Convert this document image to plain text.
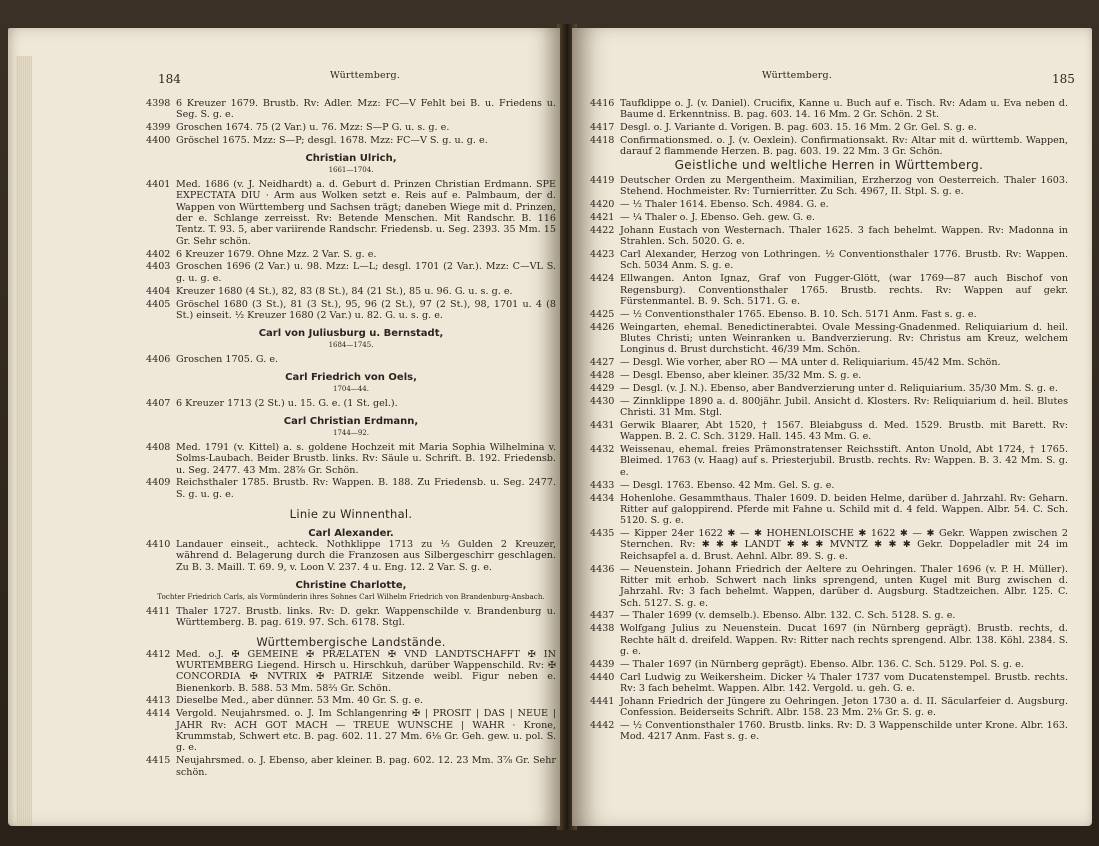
184	Württemberg.
4398 6 Kreuzer 1679. Brustb. Rv: Adler. Mzz: FC—V Fehlt bei B. u. Friedens u. Seg. S. g. e.
4399 Groschen 1674. 75 (2 Var.) u. 76. Mzz: S—P G. u. s. g. e.
4400 Gröschel 1675. Mzz: S—P; desgl. 1678. Mzz: FC—V S. g. u. g. e.
Christian Ulrich,
1661—1704.
4401 Med. 1686 (v. J. Neidhardt) a. d. Geburt d. Prinzen Christian Erdmann. SPE EXPECTATA DIU · Arm aus Wolken setzt e. Reis auf e. Palmbaum, der d. Wappen von Württemberg und Sachsen trägt; daneben Wiege mit d. Prinzen, der e. Schlange zerreisst. Rv: Betende Menschen. Mit Randschr. B. 116 Tentz. T. 93. 5, aber variirende Randschr. Friedensb. u. Seg. 2393. 35 Mm. 15 Gr. Sehr schön.
4402 6 Kreuzer 1679. Ohne Mzz. 2 Var. S. g. e.
4403 Groschen 1696 (2 Var.) u. 98. Mzz: L—L; desgl. 1701 (2 Var.). Mzz: C—VL S. g. u. g. e.
4404 Kreuzer 1680 (4 St.), 82, 83 (8 St.), 84 (21 St.), 85 u. 96. G. u. s. g. e.
4405 Gröschel 1680 (3 St.), 81 (3 St.), 95, 96 (2 St.), 97 (2 St.), 98, 1701 u. 4 (8 St.) einseit. ½ Kreuzer 1680 (2 Var.) u. 82. G. u. s. g. e.
Carl von Juliusburg u. Bernstadt,
1684—1745.
4406 Groschen 1705. G. e.
Carl Friedrich von Oels,
1704—44.
4407 6 Kreuzer 1713 (2 St.) u. 15. G. e. (1 St. gel.).
Carl Christian Erdmann,
1744—92.
4408 Med. 1791 (v. Kittel) a. s. goldene Hochzeit mit Maria Sophia Wilhelmina v. Solms-Laubach. Beider Brustb. links. Rv: Säule u. Schrift. B. 192. Friedensb. u. Seg. 2477. 43 Mm. 28⅞ Gr. Schön.
4409 Reichsthaler 1785. Brustb. Rv: Wappen. B. 188. Zu Friedensb. u. Seg. 2477. S. g. u. g. e.
Linie zu Winnenthal.
Carl Alexander.
4410 Landauer einseit., achteck. Nothklippe 1713 zu ⅓ Gulden 2 Kreuzer, während d. Belagerung durch die Franzosen aus Silbergeschirr geschlagen. Zu B. 3. Maill. T. 69. 9, v. Loon V. 237. 4 u. Eng. 12. 2 Var. S. g. e.
Christine Charlotte,
Tochter Friedrich Carls, als Vormünderin ihres Sohnes Carl Wilhelm Friedrich von Brandenburg-Ansbach.
4411 Thaler 1727. Brustb. links. Rv: D. gekr. Wappenschilde v. Brandenburg u. Württemberg. B. pag. 619. 97. Sch. 6178. Stgl.
Württembergische Landstände.
4412 Med. o.J. ✠ GEMEINE ✠ PRÆLATEN ✠ VND LANDTSCHAFFT ✠ IN WURTEMBERG Liegend. Hirsch u. Hirschkuh, darüber Wappenschild. Rv: ✠ CONCORDIA ✠ NVTRIX ✠ PATRIÆ Sitzende weibl. Figur neben e. Bienenkorb. B. 588. 53 Mm. 58⅔ Gr. Schön.
4413 Dieselbe Med., aber dünner. 53 Mm. 40 Gr. S. g. e.
4414 Vergold. Neujahrsmed. o. J. Im Schlangenring ✠ | PROSIT | DAS | NEUE | JAHR Rv: ACH GOT MACH — TREUE WUNSCHE | WAHR · Krone, Krummstab, Schwert etc. B. pag. 602. 11. 27 Mm. 6⅛ Gr. Geh. gew. u. pol. S. g. e.
4415 Neujahrsmed. o. J. Ebenso, aber kleiner. B. pag. 602. 12. 23 Mm. 3⅞ Gr. Sehr schön.
Württemberg.	185
4416 Taufklippe o. J. (v. Daniel). Crucifix, Kanne u. Buch auf e. Tisch. Rv: Adam u. Eva neben d. Baume d. Erkenntniss. B. pag. 603. 14. 16 Mm. 2 Gr. Schön. 2 St.
4417 Desgl. o. J. Variante d. Vorigen. B. pag. 603. 15. 16 Mm. 2 Gr. Gel. S. g. e.
4418 Confirmationsmed. o. J. (v. Oexlein). Confirmationsakt. Rv: Altar mit d. württemb. Wappen, darauf 2 flammende Herzen. B. pag. 603. 19. 22 Mm. 3 Gr. Schön.
Geistliche und weltliche Herren in Württemberg.
4419 Deutscher Orden zu Mergentheim. Maximilian, Erzherzog von Oesterreich. Thaler 1603. Stehend. Hochmeister. Rv: Turnierritter. Zu Sch. 4967, II. Stpl. S. g. e.
4420 — ½ Thaler 1614. Ebenso. Sch. 4984. G. e.
4421 — ¼ Thaler o. J. Ebenso. Geh. gew. G. e.
4422 Johann Eustach von Westernach. Thaler 1625. 3 fach behelmt. Wappen. Rv: Madonna in Strahlen. Sch. 5020. G. e.
4423 Carl Alexander, Herzog von Lothringen. ½ Conventionsthaler 1776. Brustb. Rv: Wappen. Sch. 5034 Anm. S. g. e.
4424 Ellwangen. Anton Ignaz, Graf von Fugger-Glött, (war 1769—87 auch Bischof von Regensburg). Conventionsthaler 1765. Brustb. rechts. Rv: Wappen auf gekr. Fürstenmantel. B. 9. Sch. 5171. G. e.
4425 — ½ Conventionsthaler 1765. Ebenso. B. 10. Sch. 5171 Anm. Fast s. g. e.
4426 Weingarten, ehemal. Benedictinerabtei. Ovale Messing-Gnadenmed. Reliquiarium d. heil. Blutes Christi; unten Weinranken u. Bandverzierung. Rv: Christus am Kreuz, welchem Longinus d. Brust durchsticht. 46/39 Mm. Schön.
4427 — Desgl. Wie vorher, aber RO — MA unter d. Reliquiarium. 45/42 Mm. Schön.
4428 — Desgl. Ebenso, aber kleiner. 35/32 Mm. S. g. e.
4429 — Desgl. (v. J. N.). Ebenso, aber Bandverzierung unter d. Reliquiarium. 35/30 Mm. S. g. e.
4430 — Zinnklippe 1890 a. d. 800jähr. Jubil. Ansicht d. Klosters. Rv: Reliquiarium d. heil. Blutes Christi. 31 Mm. Stgl.
4431 Gerwik Blaarer, Abt 1520, † 1567. Bleiabguss d. Med. 1529. Brustb. mit Barett. Rv: Wappen. B. 2. C. Sch. 3129. Hall. 145. 43 Mm. G. e.
4432 Weissenau, ehemal. freies Prämonstratenser Reichsstift. Anton Unold, Abt 1724, † 1765. Bleimed. 1763 (v. Haag) auf s. Priesterjubil. Brustb. rechts. Rv: Wappen. B. 3. 42 Mm. S. g. e.
4433 — Desgl. 1763. Ebenso. 42 Mm. Gel. S. g. e.
4434 Hohenlohe. Gesammthaus. Thaler 1609. D. beiden Helme, darüber d. Jahrzahl. Rv: Geharn. Ritter auf galoppirend. Pferde mit Fahne u. Schild mit d. 4 feld. Wappen. Albr. 54. C. Sch. 5120. S. g. e.
4435 — Kipper 24er 1622 ✱ — ✱ HOHENLOISCHE ✱ 1622 ✱ — ✱ Gekr. Wappen zwischen 2 Sternchen. Rv: ✱ ✱ ✱ LANDT ✱ ✱ ✱ MVNTZ ✱ ✱ ✱ Gekr. Doppeladler mit 24 im Reichsapfel a. d. Brust. Aehnl. Albr. 89. S. g. e.
4436 — Neuenstein. Johann Friedrich der Aeltere zu Oehringen. Thaler 1696 (v. P. H. Müller). Ritter mit erhob. Schwert nach links sprengend, unten Kugel mit Burg zwischen d. Jahrzahl. Rv: 3 fach behelmt. Wappen, darüber d. Augsburg. Stadtzeichen. Albr. 125. C. Sch. 5127. S. g. e.
4437 — Thaler 1699 (v. demselb.). Ebenso. Albr. 132. C. Sch. 5128. S. g. e.
4438 Wolfgang Julius zu Neuenstein. Ducat 1697 (in Nürnberg geprägt). Brustb. rechts, d. Rechte hält d. dreifeld. Wappen. Rv: Ritter nach rechts sprengend. Albr. 138. Köhl. 2384. S. g. e.
4439 — Thaler 1697 (in Nürnberg geprägt). Ebenso. Albr. 136. C. Sch. 5129. Pol. S. g. e.
4440 Carl Ludwig zu Weikersheim. Dicker ¼ Thaler 1737 vom Ducatenstempel. Brustb. rechts. Rv: 3 fach behelmt. Wappen. Albr. 142. Vergold. u. geh. G. e.
4441 Johann Friedrich der Jüngere zu Oehringen. Jeton 1730 a. d. II. Säcularfeier d. Augsburg. Confession. Beiderseits Schrift. Albr. 158. 23 Mm. 2⅛ Gr. S. g. e.
4442 — ½ Conventionsthaler 1760. Brustb. links. Rv: D. 3 Wappenschilde unter Krone. Albr. 163. Mod. 4217 Anm. Fast s. g. e.
